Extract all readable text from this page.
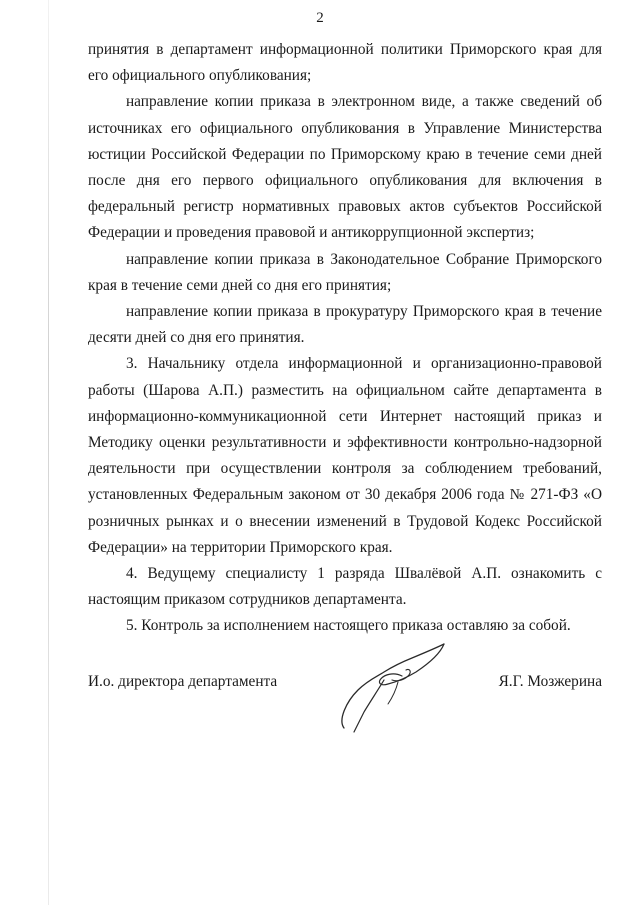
2

принятия в департамент информационной политики Приморского края для его официального опубликования;

направление копии приказа в электронном виде, а также сведений об источниках его официального опубликования в Управление Министерства юстиции Российской Федерации по Приморскому краю в течение семи дней после дня его первого официального опубликования для включения в федеральный регистр нормативных правовых актов субъектов Российской Федерации и проведения правовой и антикоррупционной экспертиз;

направление копии приказа в Законодательное Собрание Приморского края в течение семи дней со дня его принятия;

направление копии приказа в прокуратуру Приморского края в течение десяти дней со дня его принятия.

3. Начальнику отдела информационной и организационно-правовой работы (Шарова А.П.) разместить на официальном сайте департамента в информационно-коммуникационной сети Интернет настоящий приказ и Методику оценки результативности и эффективности контрольно-надзорной деятельности при осуществлении контроля за соблюдением требований, установленных Федеральным законом от 30 декабря 2006 года № 271-ФЗ «О розничных рынках и о внесении изменений в Трудовой Кодекс Российской Федерации» на территории Приморского края.

4. Ведущему специалисту 1 разряда Швалёвой А.П. ознакомить с настоящим приказом сотрудников департамента.

5. Контроль за исполнением настоящего приказа оставляю за собой.

И.о. директора департамента	Я.Г. Мозжерина
